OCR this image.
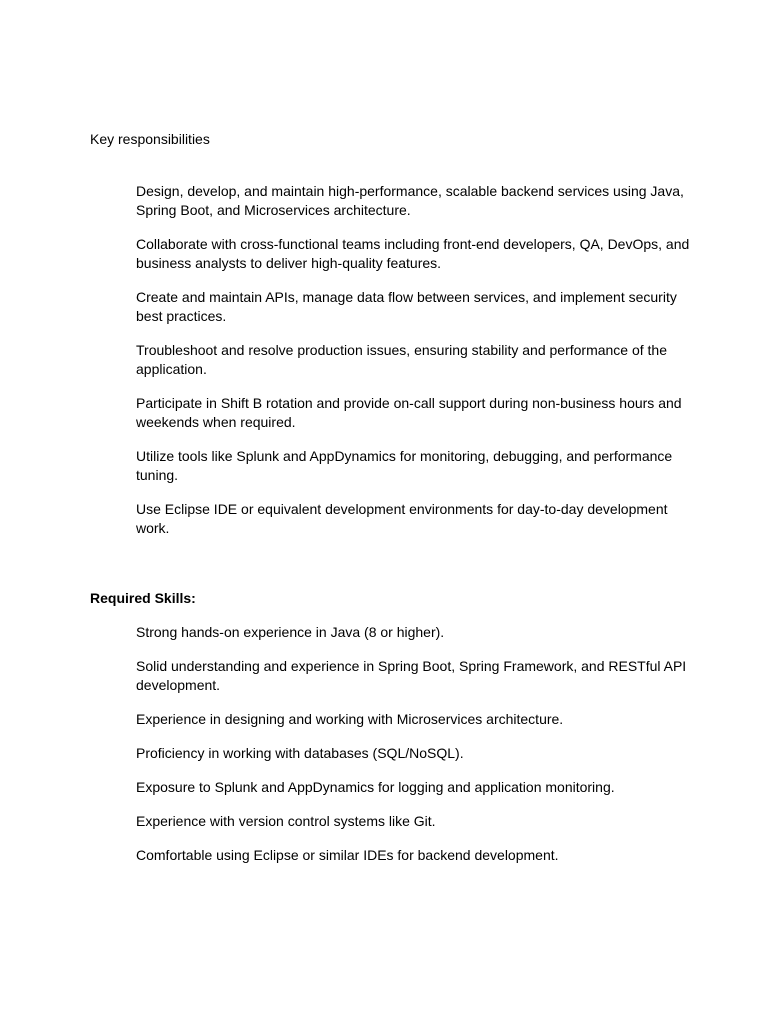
Key responsibilities
Design, develop, and maintain high-performance, scalable backend services using Java, Spring Boot, and Microservices architecture.
Collaborate with cross-functional teams including front-end developers, QA, DevOps, and business analysts to deliver high-quality features.
Create and maintain APIs, manage data flow between services, and implement security best practices.
Troubleshoot and resolve production issues, ensuring stability and performance of the application.
Participate in Shift B rotation and provide on-call support during non-business hours and weekends when required.
Utilize tools like Splunk and AppDynamics for monitoring, debugging, and performance tuning.
Use Eclipse IDE or equivalent development environments for day-to-day development work.
Required Skills:
Strong hands-on experience in Java (8 or higher).
Solid understanding and experience in Spring Boot, Spring Framework, and RESTful API development.
Experience in designing and working with Microservices architecture.
Proficiency in working with databases (SQL/NoSQL).
Exposure to Splunk and AppDynamics for logging and application monitoring.
Experience with version control systems like Git.
Comfortable using Eclipse or similar IDEs for backend development.
